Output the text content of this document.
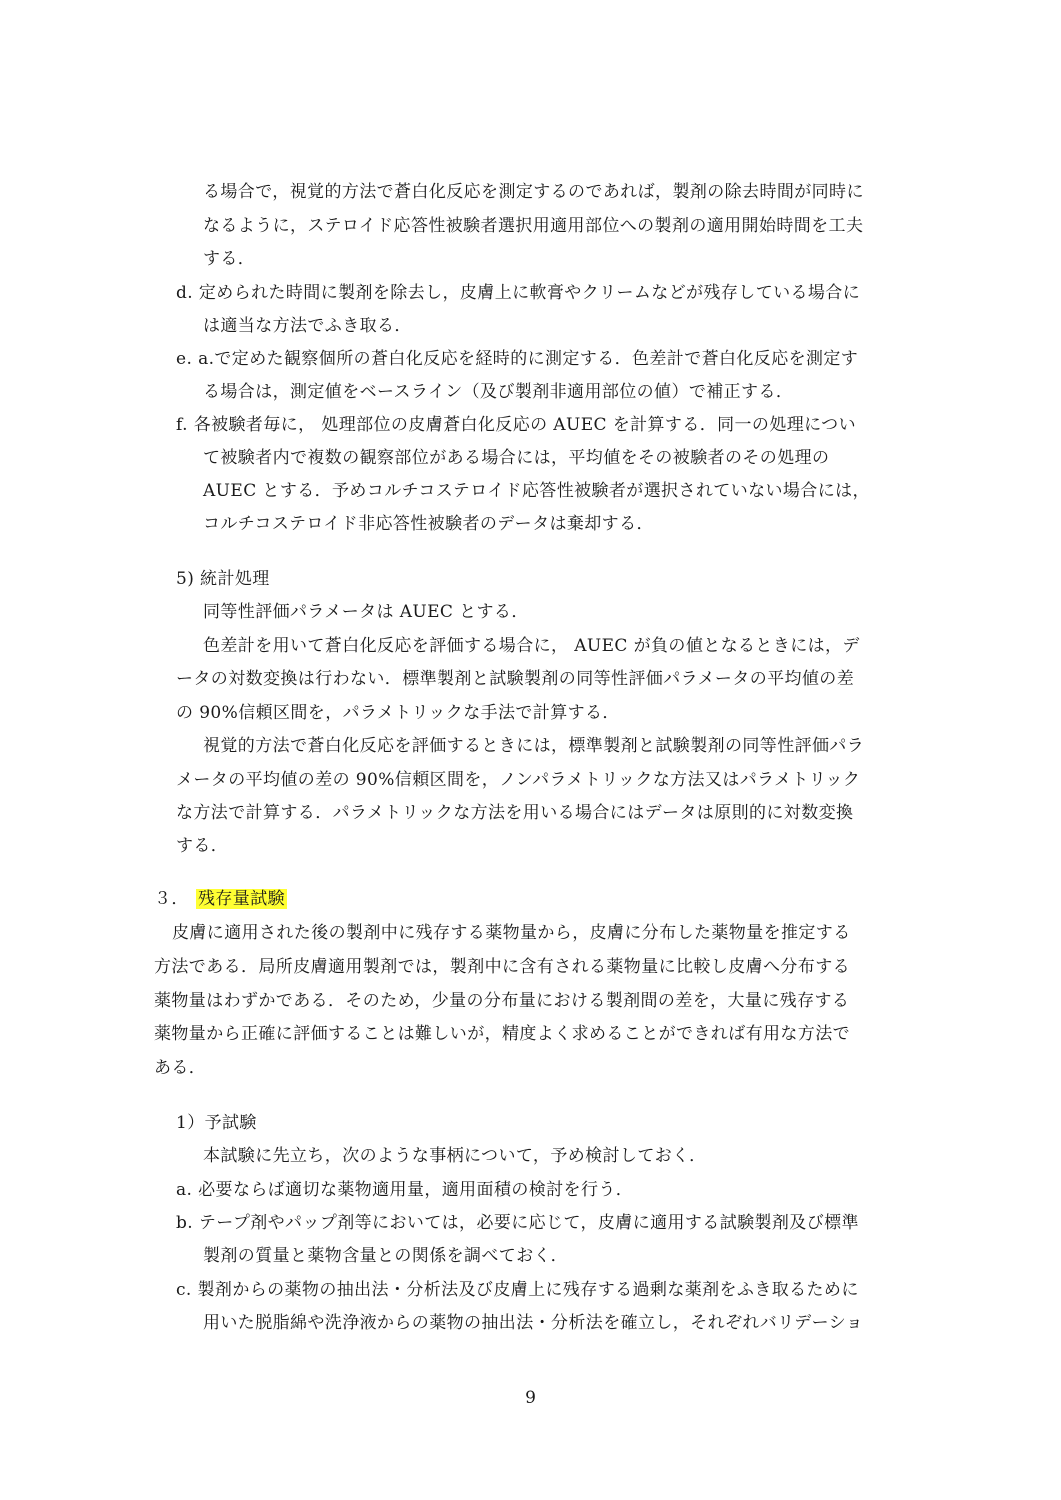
る場合で，視覚的方法で蒼白化反応を測定するのであれば，製剤の除去時間が同時に
なるように，ステロイド応答性被験者選択用適用部位への製剤の適用開始時間を工夫
する．
d. 定められた時間に製剤を除去し，皮膚上に軟膏やクリームなどが残存している場合に
は適当な方法でふき取る．
e. a.で定めた観察個所の蒼白化反応を経時的に測定する．色差計で蒼白化反応を測定す
る場合は，測定値をベースライン（及び製剤非適用部位の値）で補正する．
f. 各被験者毎に， 処理部位の皮膚蒼白化反応の AUEC を計算する．同一の処理につい
て被験者内で複数の観察部位がある場合には，平均値をその被験者のその処理の
AUEC とする．予めコルチコステロイド応答性被験者が選択されていない場合には，
コルチコステロイド非応答性被験者のデータは棄却する．
5) 統計処理
同等性評価パラメータは AUEC とする．
色差計を用いて蒼白化反応を評価する場合に， AUEC が負の値となるときには，デ
ータの対数変換は行わない．標準製剤と試験製剤の同等性評価パラメータの平均値の差
の 90%信頼区間を，パラメトリックな手法で計算する．
視覚的方法で蒼白化反応を評価するときには，標準製剤と試験製剤の同等性評価パラ
メータの平均値の差の 90%信頼区間を，ノンパラメトリックな方法又はパラメトリック
な方法で計算する．パラメトリックな方法を用いる場合にはデータは原則的に対数変換
する．
３． 残存量試験
皮膚に適用された後の製剤中に残存する薬物量から，皮膚に分布した薬物量を推定する
方法である．局所皮膚適用製剤では，製剤中に含有される薬物量に比較し皮膚へ分布する
薬物量はわずかである．そのため，少量の分布量における製剤間の差を，大量に残存する
薬物量から正確に評価することは難しいが，精度よく求めることができれば有用な方法で
ある．
1）予試験
本試験に先立ち，次のような事柄について，予め検討しておく．
a. 必要ならば適切な薬物適用量，適用面積の検討を行う．
b. テープ剤やパップ剤等においては，必要に応じて，皮膚に適用する試験製剤及び標準
製剤の質量と薬物含量との関係を調べておく．
c. 製剤からの薬物の抽出法・分析法及び皮膚上に残存する過剰な薬剤をふき取るために
用いた脱脂綿や洗浄液からの薬物の抽出法・分析法を確立し，それぞれバリデーショ
9
